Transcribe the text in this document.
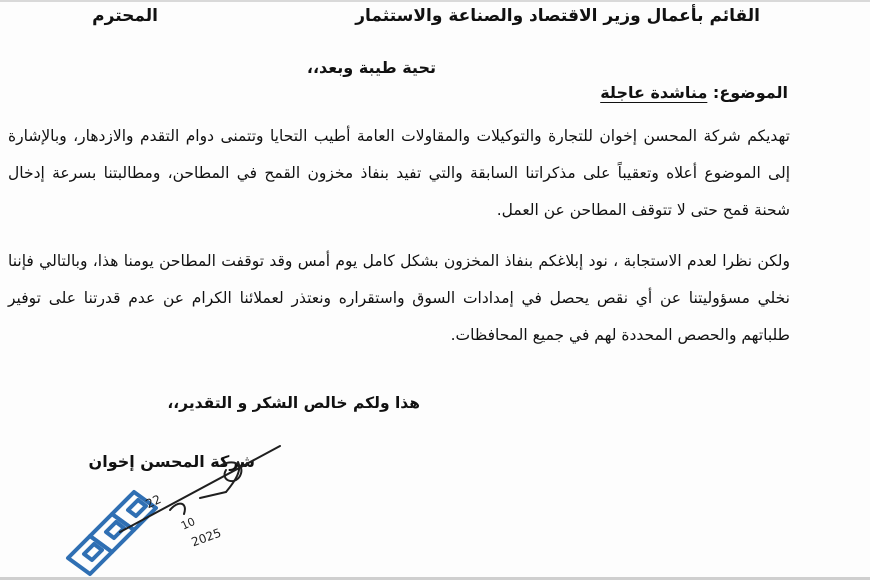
القائم بأعمال وزير الاقتصاد والصناعة والاستثمار
المحترم
تحية طيبة وبعد،،
الموضوع: مناشدة عاجلة
تهديكم شركة المحسن إخوان للتجارة والتوكيلات والمقاولات العامة أطيب التحايا وتتمنى دوام التقدم والازدهار، وبالإشارة إلى الموضوع أعلاه وتعقيباً على مذكراتنا السابقة والتي تفيد بنفاذ مخزون القمح في المطاحن، ومطالبتنا بسرعة إدخال شحنة قمح حتى لا تتوقف المطاحن عن العمل.
ولكن نظرا لعدم الاستجابة ، نود إبلاغكم بنفاذ المخزون بشكل كامل يوم أمس وقد توقفت المطاحن يومنا هذا، وبالتالي فإننا نخلي مسؤوليتنا عن أي نقص يحصل في إمدادات السوق واستقراره ونعتذر لعملائنا الكرام عن عدم قدرتنا على توفير طلباتهم والحصص المحددة لهم في جميع المحافظات.
هذا ولكم خالص الشكر و التقدير،،
شركة المحسن إخوان
22
10
2025
